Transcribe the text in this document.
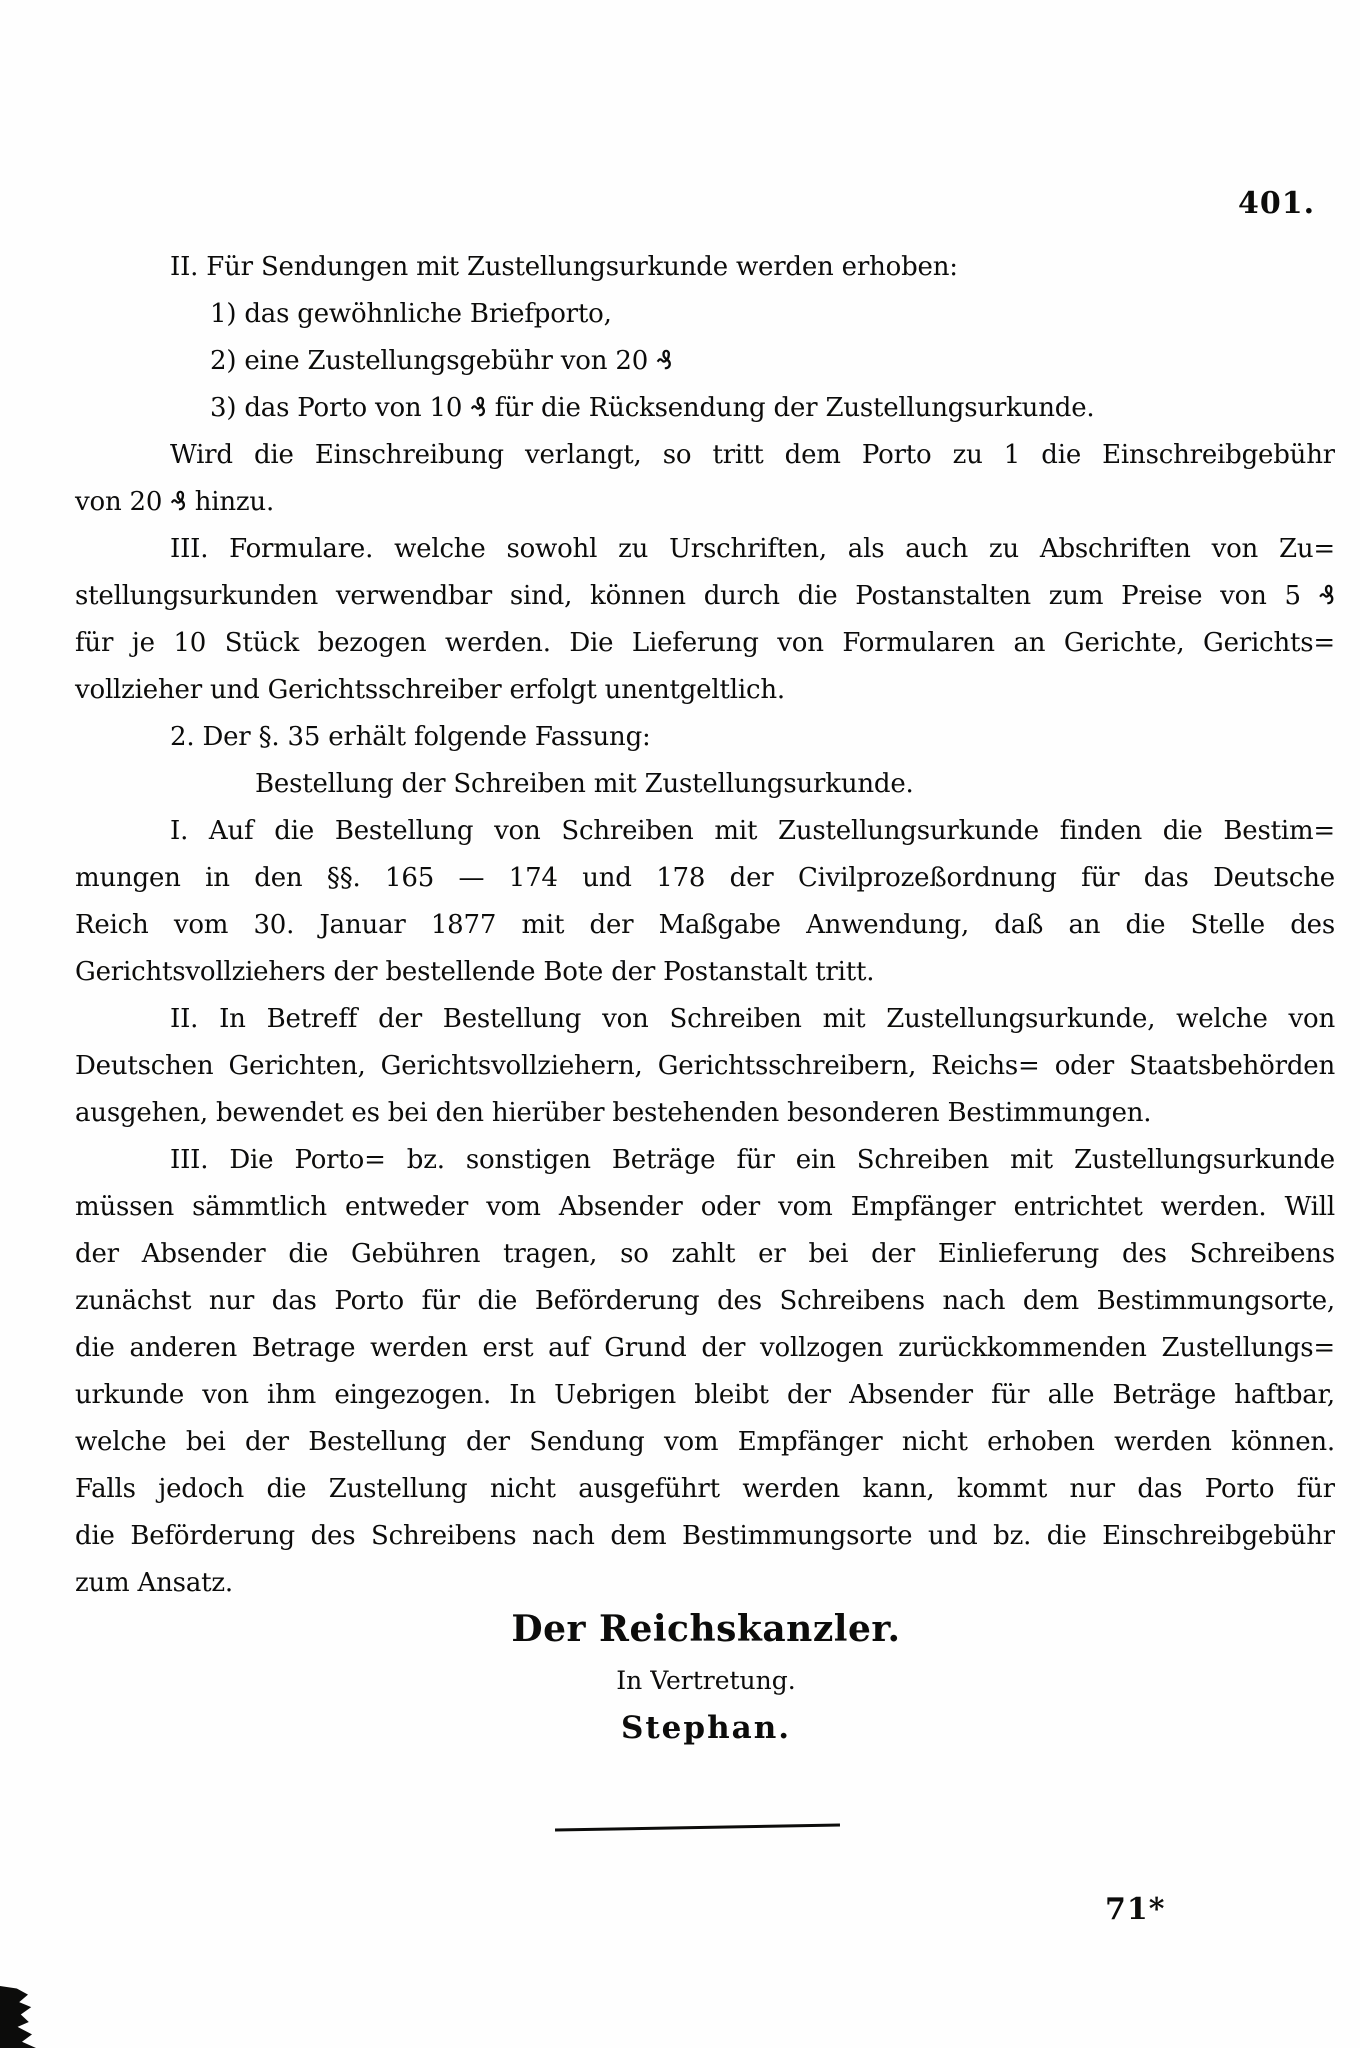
401.
II. Für Sendungen mit Zustellungsurkunde werden erhoben:
1) das gewöhnliche Briefporto,
2) eine Zustellungsgebühr von 20 ₰
3) das Porto von 10 ₰ für die Rücksendung der Zustellungsurkunde.
Wird die Einschreibung verlangt, so tritt dem Porto zu 1 die Einschreibgebühr
von 20 ₰ hinzu.
III. Formulare. welche sowohl zu Urschriften, als auch zu Abschriften von Zu=
stellungsurkunden verwendbar sind, können durch die Postanstalten zum Preise von 5 ₰
für je 10 Stück bezogen werden. Die Lieferung von Formularen an Gerichte, Gerichts=
vollzieher und Gerichtsschreiber erfolgt unentgeltlich.
2. Der §. 35 erhält folgende Fassung:
Bestellung der Schreiben mit Zustellungsurkunde.
I. Auf die Bestellung von Schreiben mit Zustellungsurkunde finden die Bestim=
mungen in den §§. 165 — 174 und 178 der Civilprozeßordnung für das Deutsche
Reich vom 30. Januar 1877 mit der Maßgabe Anwendung, daß an die Stelle des
Gerichtsvollziehers der bestellende Bote der Postanstalt tritt.
II. In Betreff der Bestellung von Schreiben mit Zustellungsurkunde, welche von
Deutschen Gerichten, Gerichtsvollziehern, Gerichtsschreibern, Reichs= oder Staatsbehörden
ausgehen, bewendet es bei den hierüber bestehenden besonderen Bestimmungen.
III. Die Porto= bz. sonstigen Beträge für ein Schreiben mit Zustellungsurkunde
müssen sämmtlich entweder vom Absender oder vom Empfänger entrichtet werden. Will
der Absender die Gebühren tragen, so zahlt er bei der Einlieferung des Schreibens
zunächst nur das Porto für die Beförderung des Schreibens nach dem Bestimmungsorte,
die anderen Betrage werden erst auf Grund der vollzogen zurückkommenden Zustellungs=
urkunde von ihm eingezogen. In Uebrigen bleibt der Absender für alle Beträge haftbar,
welche bei der Bestellung der Sendung vom Empfänger nicht erhoben werden können.
Falls jedoch die Zustellung nicht ausgeführt werden kann, kommt nur das Porto für
die Beförderung des Schreibens nach dem Bestimmungsorte und bz. die Einschreibgebühr
zum Ansatz.
Der Reichskanzler.
In Vertretung.
Stephan.
71*
